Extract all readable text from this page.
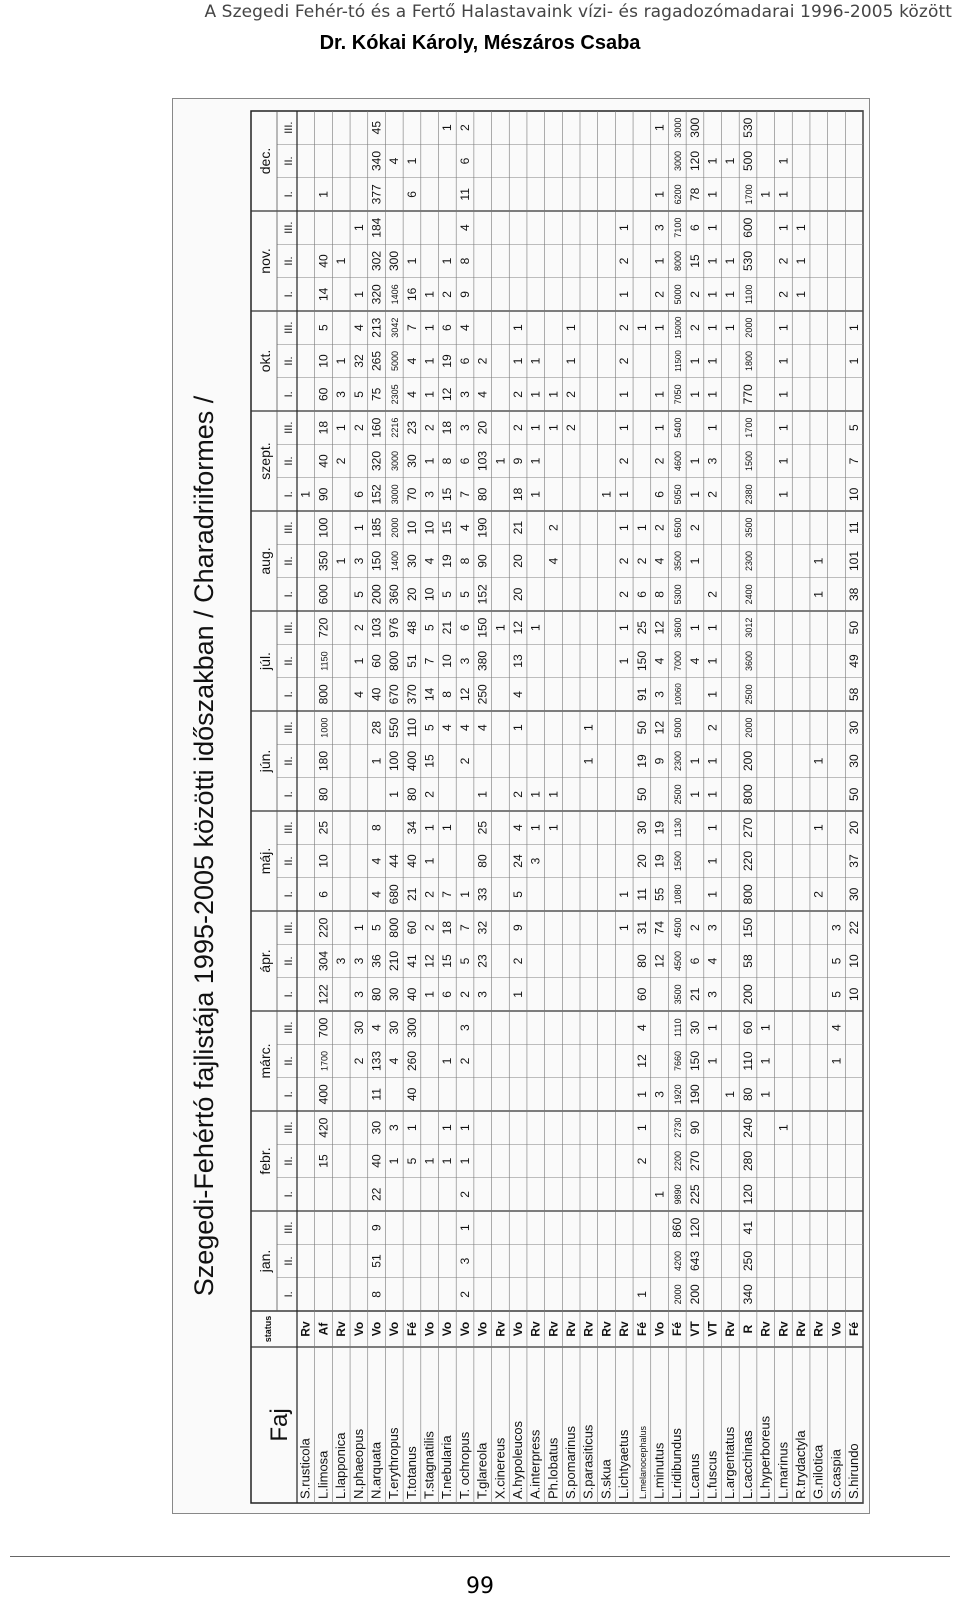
A Szegedi Fehér-tó és a Fertő Halastavaink vízi- és ragadozómadarai 1996-2005 között
Dr. Kókai Károly, Mészáros Csaba
Szegedi-Fehértó fajlistája 1995-2005 közötti időszakban / Charadriiformes /
Faj
status
jan.
febr.
márc.
ápr.
máj.
jún.
júl.
aug.
szept.
okt.
nov.
dec.
I.
II.
III.
I.
II.
III.
I.
II.
III.
I.
II.
III.
I.
II.
III.
I.
II.
III.
I.
II.
III.
I.
II.
III.
I.
II.
III.
I.
II.
III.
I.
II.
III.
I.
II.
III.
S.rusticola
Rv
1
L.limosa
Af
15
420
400
1700
700
122
304
220
6
10
25
80
180
1000
800
1150
720
600
350
100
90
40
18
60
10
5
14
40
1
L.lapponica
Rv
3
1
2
1
3
1
1
N.phaeopus
Vo
2
30
3
3
1
4
1
2
5
3
1
6
2
5
32
4
1
1
N.arquata
Vo
8
51
9
22
40
30
11
133
4
80
36
5
4
4
8
1
28
40
60
103
200
150
185
152
320
160
75
265
213
320
302
184
377
340
45
T.erythropus
Vo
1
3
4
30
30
210
800
680
44
1
100
550
670
800
976
360
1400
2000
3000
3000
2216
2305
5000
3042
1406
300
4
T.totanus
Fé
5
1
40
260
300
40
41
60
21
40
34
80
400
110
370
51
48
20
30
10
70
30
23
4
4
7
16
1
6
1
T.stagnatilis
Vo
1
1
12
2
2
1
1
2
15
5
14
7
5
10
4
10
3
1
2
1
1
1
1
T.nebularia
Vo
1
1
1
6
15
18
7
1
4
8
10
21
5
19
15
15
8
18
12
19
6
2
1
1
T. ochropus
Vo
2
3
1
2
1
1
2
3
2
5
7
1
2
4
12
3
6
5
8
4
7
6
3
3
6
4
9
8
4
11
6
2
T.glareola
Vo
3
23
32
33
80
25
1
4
250
380
150
152
90
190
80
103
20
4
2
X.cinereus
Rv
1
1
A.hypoleucos
Vo
1
2
9
5
24
4
2
1
4
13
12
20
20
21
18
9
2
2
1
1
A.interpress
Rv
3
1
1
1
1
1
1
1
1
Ph.lobatus
Rv
1
1
4
2
1
1
S.pomarinus
Rv
2
2
1
1
S.parasiticus
Rv
1
1
S.skua
Rv
1
L.ichtyaetus
Rv
1
1
1
1
2
2
1
1
2
1
1
2
2
1
2
1
L.melanocephalus
Fé
1
2
1
1
12
4
60
80
31
11
20
30
50
19
50
91
150
25
6
2
1
1
L.minutus
Vo
1
3
12
74
55
19
19
9
12
3
4
12
8
4
2
6
2
1
1
1
2
1
3
1
1
L.ridibundus
Fé
2000
4200
860
9890
2200
2730
1920
7660
1110
3500
4500
4500
1080
1500
1130
2500
2300
5000
10060
7000
3600
5300
3500
6500
5050
4600
5400
7050
11500
15000
5000
8000
7100
6200
3000
3000
L.canus
VT
200
643
120
225
270
90
190
150
30
21
6
2
1
1
4
1
1
2
1
1
1
1
2
2
15
6
78
120
300
L.fuscus
VT
1
1
3
4
3
1
1
1
1
1
2
1
1
1
2
2
3
1
1
1
1
1
1
1
1
1
L.argentatus
Rv
1
1
1
1
1
L.cacchinas
R
340
250
41
120
280
240
80
110
60
200
58
150
800
220
270
800
200
2000
2500
3600
3012
2400
2300
3500
2380
1500
1700
770
1800
2000
1100
530
600
1700
500
530
L.hyperboreus
Rv
1
1
1
1
L.marinus
Rv
1
1
1
1
1
1
1
2
2
1
1
1
R.trydactyla
Rv
1
1
1
G.nilotica
Rv
2
1
1
1
1
S.caspia
Vo
1
4
5
5
3
S.hirundo
Fé
10
10
22
30
37
20
50
30
30
58
49
50
38
101
11
10
7
5
1
1
99
